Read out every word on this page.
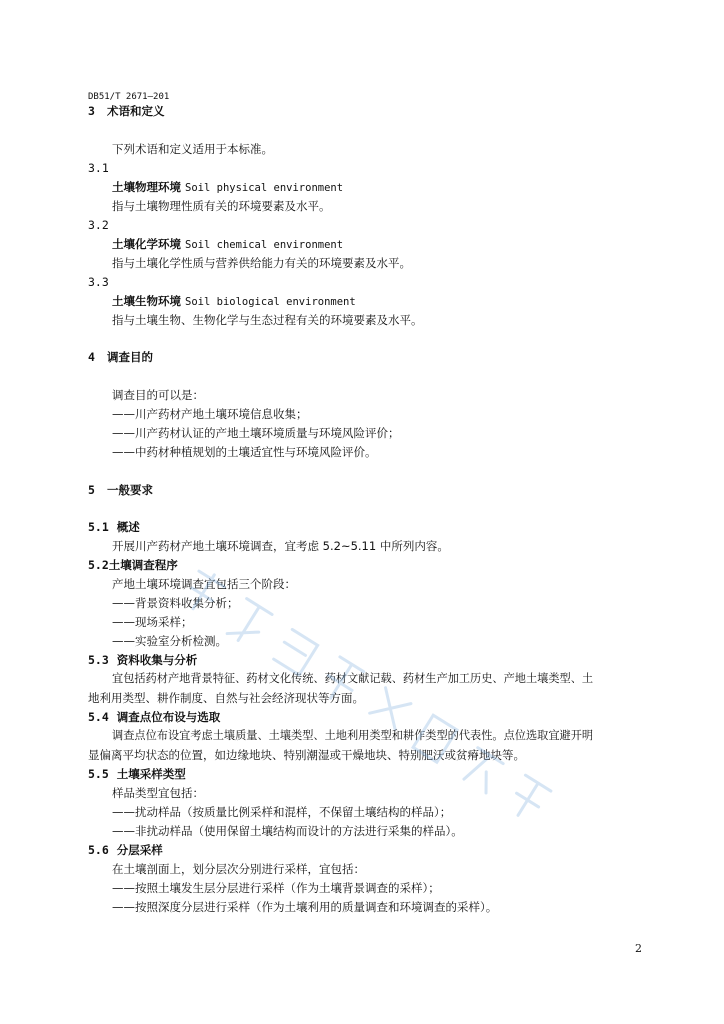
DB51/T 2671—201
3 术语和定义
下列术语和定义适用于本标准。
3.1
土壤物理环境 Soil physical environment
指与土壤物理性质有关的环境要素及水平。
3.2
土壤化学环境 Soil chemical environment
指与土壤化学性质与营养供给能力有关的环境要素及水平。
3.3
土壤生物环境 Soil biological environment
指与土壤生物、生物化学与生态过程有关的环境要素及水平。
4 调查目的
调查目的可以是：
——川产药材产地土壤环境信息收集；
——川产药材认证的产地土壤环境质量与环境风险评价；
——中药材种植规划的土壤适宜性与环境风险评价。
5 一般要求
5.1 概述
开展川产药材产地土壤环境调查，宜考虑 5.2~5.11 中所列内容。
5.2土壤调查程序
产地土壤环境调查宜包括三个阶段：
——背景资料收集分析；
——现场采样；
——实验室分析检测。
5.3 资料收集与分析
宜包括药材产地背景特征、药材文化传统、药材文献记载、药材生产加工历史、产地土壤类型、土
地利用类型、耕作制度、自然与社会经济现状等方面。
5.4 调查点位布设与选取
调查点位布设宜考虑土壤质量、土壤类型、土地利用类型和耕作类型的代表性。点位选取宜避开明
显偏离平均状态的位置，如边缘地块、特别潮湿或干燥地块、特别肥沃或贫瘠地块等。
5.5 土壤采样类型
样品类型宜包括：
——扰动样品（按质量比例采样和混样，不保留土壤结构的样品）；
——非扰动样品（使用保留土壤结构而设计的方法进行采集的样品）。
5.6 分层采样
在土壤剖面上，划分层次分别进行采样，宜包括：
——按照土壤发生层分层进行采样（作为土壤背景调查的采样）；
——按照深度分层进行采样（作为土壤利用的质量调查和环境调查的采样）。
2
